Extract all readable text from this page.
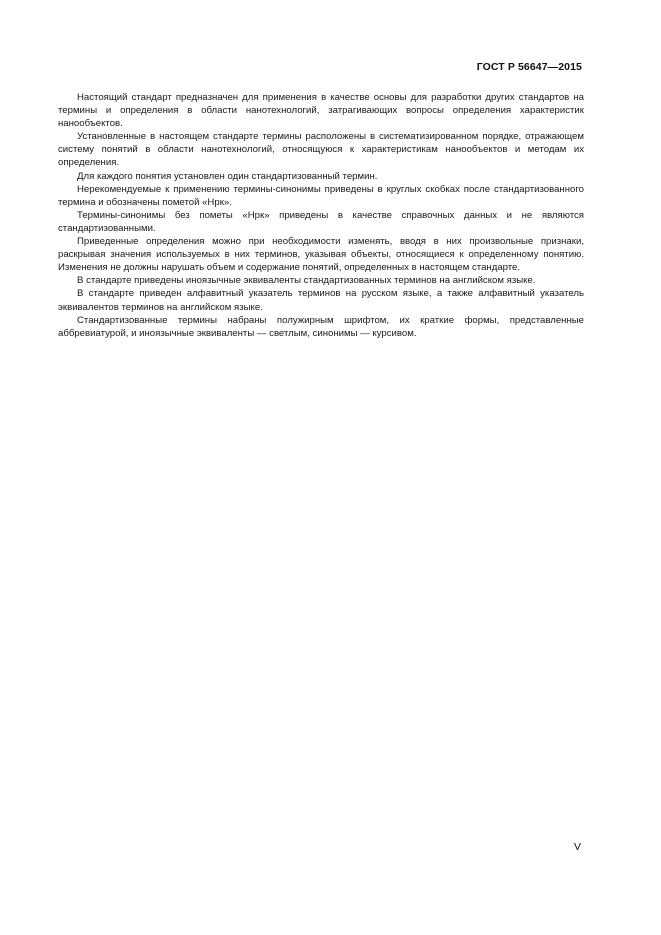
ГОСТ Р 56647—2015

Настоящий стандарт предназначен для применения в качестве основы для разработки других стандартов на термины и определения в области нанотехнологий, затрагивающих вопросы определения характеристик нанообъектов.

Установленные в настоящем стандарте термины расположены в систематизированном порядке, отражающем систему понятий в области нанотехнологий, относящуюся к характеристикам нанообъектов и методам их определения.

Для каждого понятия установлен один стандартизованный термин.

Нерекомендуемые к применению термины-синонимы приведены в круглых скобках после стандартизованного термина и обозначены пометой «Нрк».

Термины-синонимы без пометы «Нрк» приведены в качестве справочных данных и не являются стандартизованными.

Приведенные определения можно при необходимости изменять, вводя в них произвольные признаки, раскрывая значения используемых в них терминов, указывая объекты, относящиеся к определенному понятию. Изменения не должны нарушать объем и содержание понятий, определенных в настоящем стандарте.

В стандарте приведены иноязычные эквиваленты стандартизованных терминов на английском языке.

В стандарте приведен алфавитный указатель терминов на русском языке, а также алфавитный указатель эквивалентов терминов на английском языке.

Стандартизованные термины набраны полужирным шрифтом, их краткие формы, представленные аббревиатурой, и иноязычные эквиваленты — светлым, синонимы — курсивом.

V
